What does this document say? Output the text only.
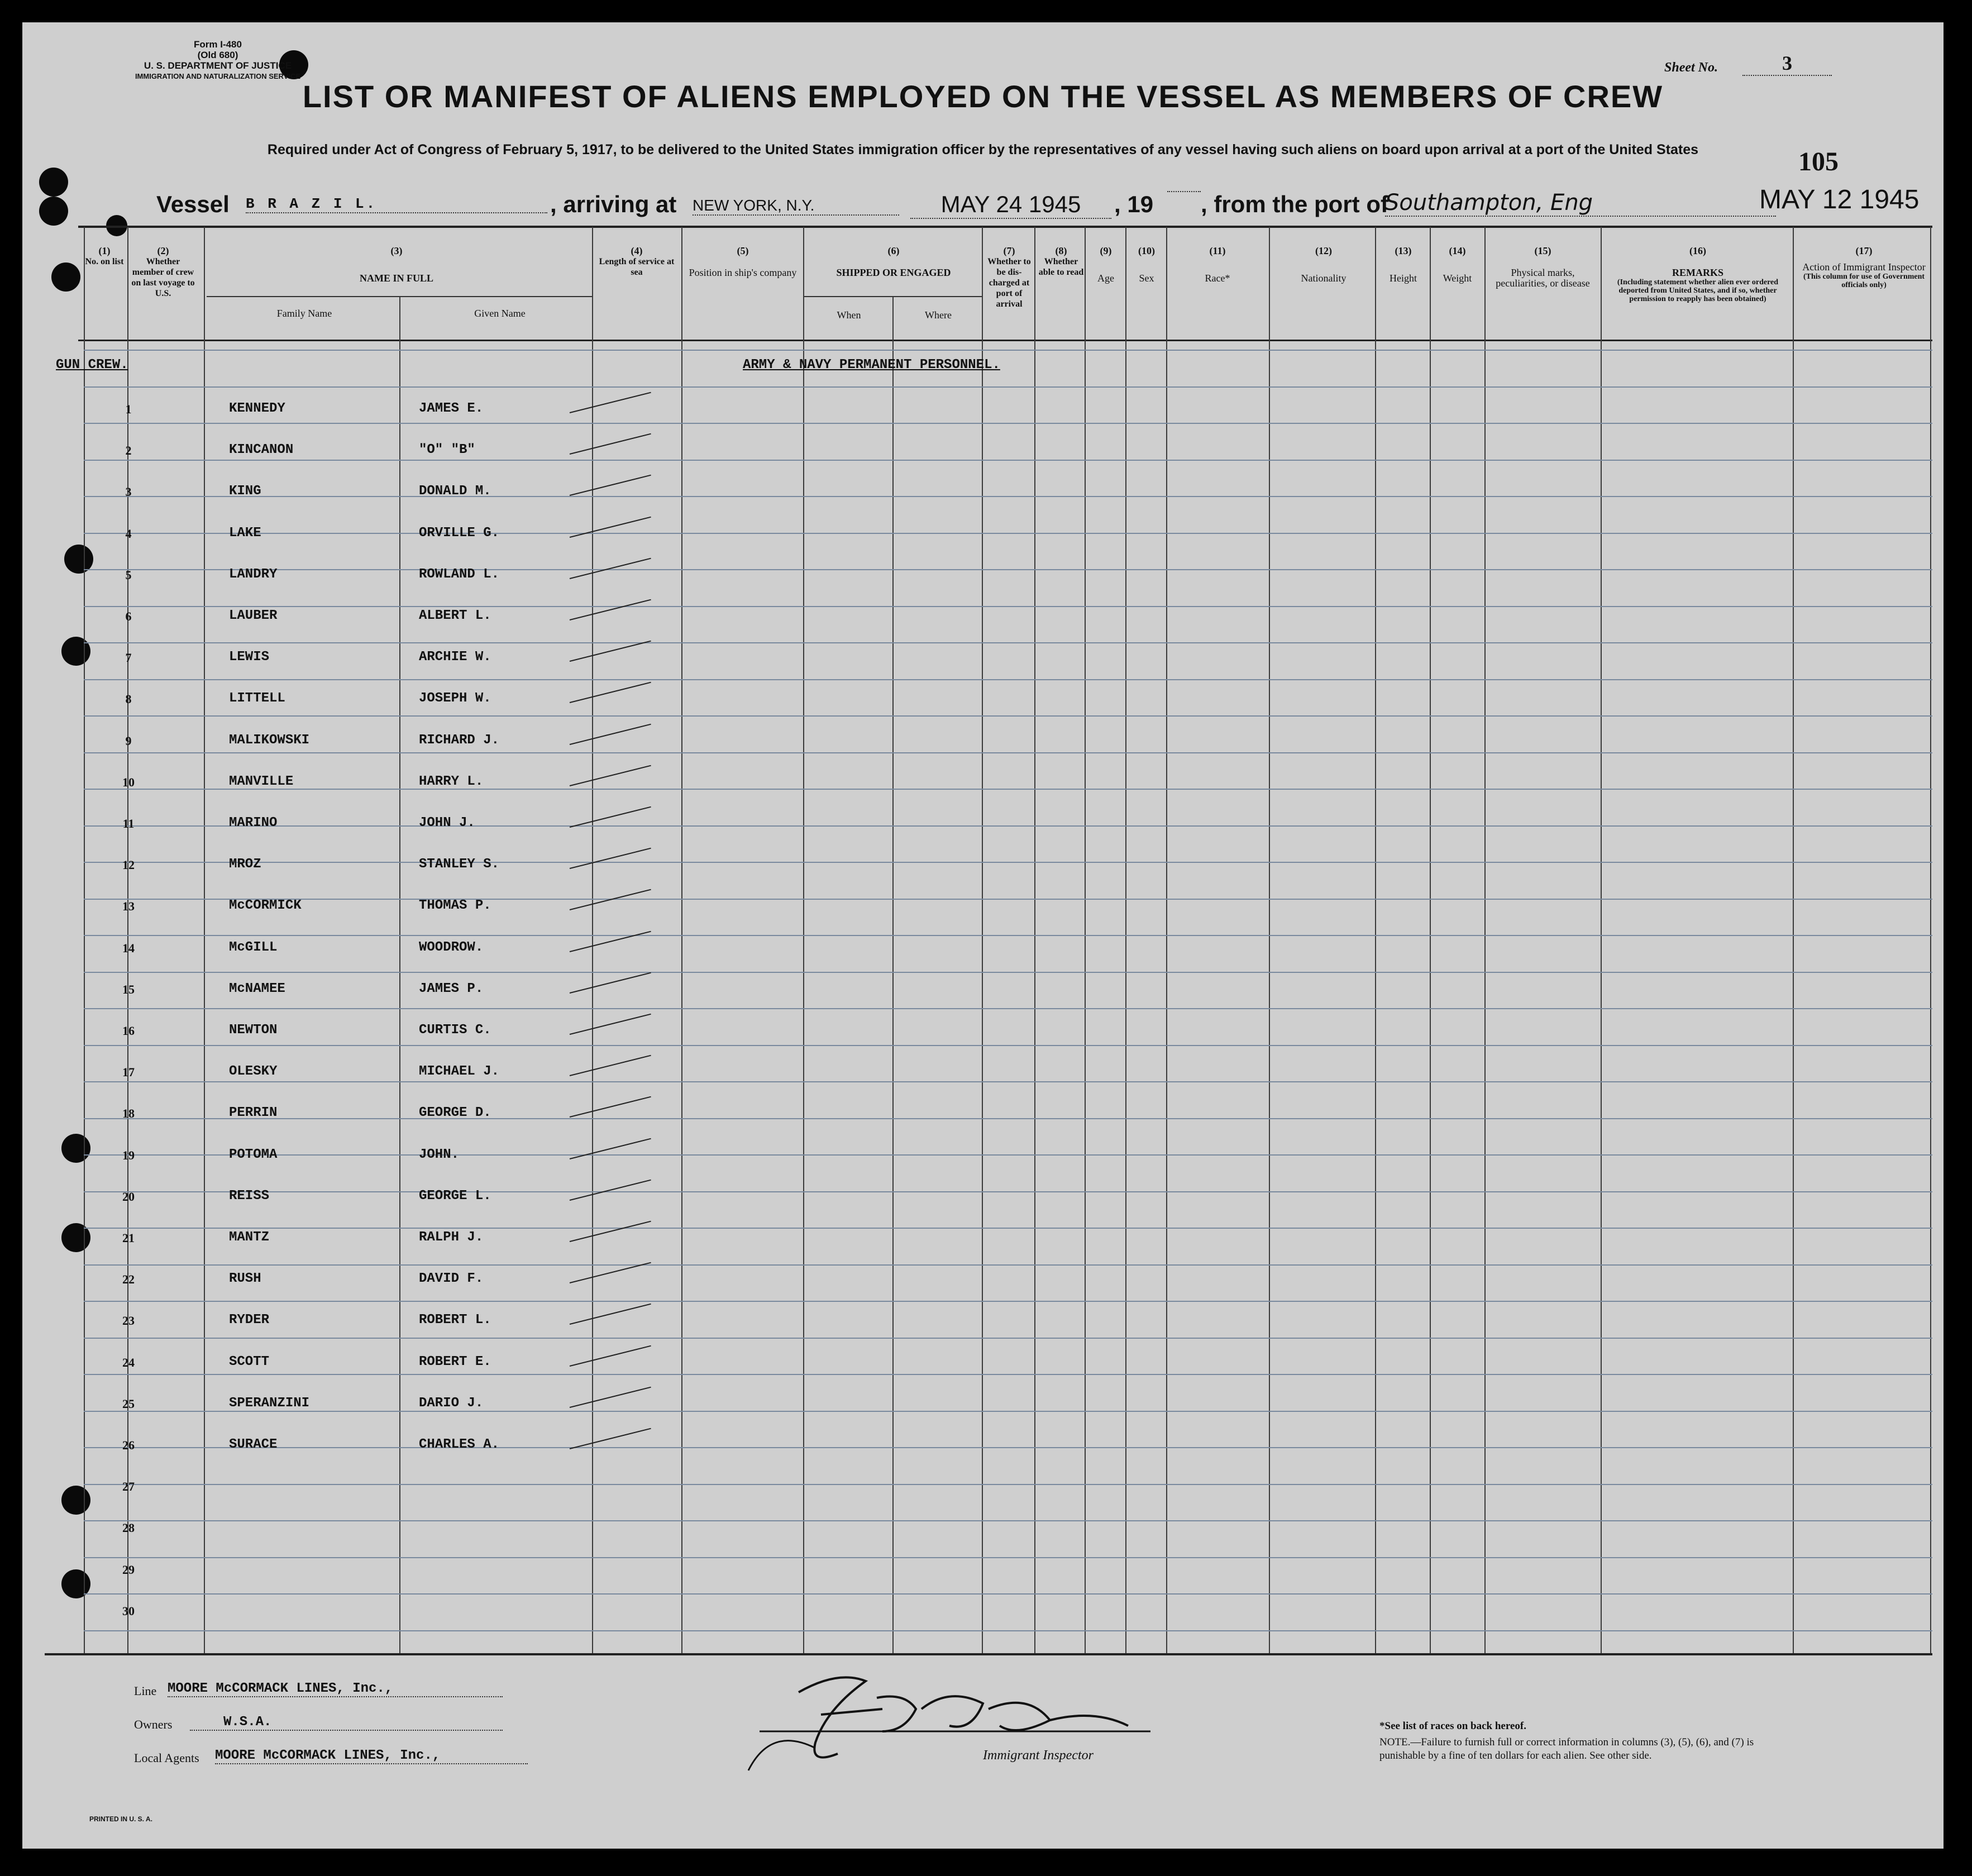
Form I-480
(Old 680)
U. S. DEPARTMENT OF JUSTICE
IMMIGRATION AND NATURALIZATION SERVICE
Sheet No.	3
LIST OR MANIFEST OF ALIENS EMPLOYED ON THE VESSEL AS MEMBERS OF CREW
Required under Act of Congress of February 5, 1917, to be delivered to the United States immigration officer by the representatives of any vessel having such aliens on board upon arrival at a port of the United States	105
MAY 12 1945
Vessel B R A Z I L.	, arriving at NEW YORK, N.Y.	MAY 24 1945	, 19 , from the port of
Southampton, Eng
(1)
No. on list
(2)
Whether member of crew on last voyage to U.S.
(3)
NAME IN FULL
Family Name	Given Name
(4)
Length of service at sea
(5)
Position in ship's company
(6)
SHIPPED OR ENGAGED
When	Where
(7)
Whether to be dis-charged at port of arrival
(8)
Whether able to read
(9)
Age
(10)
Sex
(11)
Race*
(12)
Nationality
(13)
Height
(14)
Weight
(15)
Physical marks, peculiarities, or disease
(16)
REMARKS
(Including statement whether alien ever ordered deported from United States, and if so, whether permission to reapply has been obtained)
(17)
Action of Immigrant Inspector
(This column for use of Government officials only)
GUN CREW.	ARMY & NAVY PERMANENT PERSONNEL.
1	KENNEDY	JAMES E.
2	KINCANON	"O" "B"
3	KING	DONALD M.
4	LAKE	ORVILLE G.
5	LANDRY	ROWLAND L.
6	LAUBER	ALBERT L.
7	LEWIS	ARCHIE W.
8	LITTELL	JOSEPH W.
9	MALIKOWSKI	RICHARD J.
10	MANVILLE	HARRY L.
11	MARINO	JOHN J.
12	MROZ	STANLEY S.
13	McCORMICK	THOMAS P.
14	McGILL	WOODROW.
15	McNAMEE	JAMES P.
16	NEWTON	CURTIS C.
17	OLESKY	MICHAEL J.
18	PERRIN	GEORGE D.
19	POTOMA	JOHN.
20	REISS	GEORGE L.
21	MANTZ	RALPH J.
22	RUSH	DAVID F.
23	RYDER	ROBERT L.
24	SCOTT	ROBERT E.
25	SPERANZINI	DARIO J.
26	SURACE	CHARLES A.
27
28
29
30
Line MOORE McCORMACK LINES, Inc.,
Owners	W.S.A.
Local Agents MOORE McCORMACK LINES, Inc.,
PRINTED IN U. S. A.
Immigrant Inspector
*See list of races on back hereof.
NOTE.—Failure to furnish full or correct information in columns (3), (5), (6), and (7) is punishable by a fine of ten dollars for each alien. See other side.
